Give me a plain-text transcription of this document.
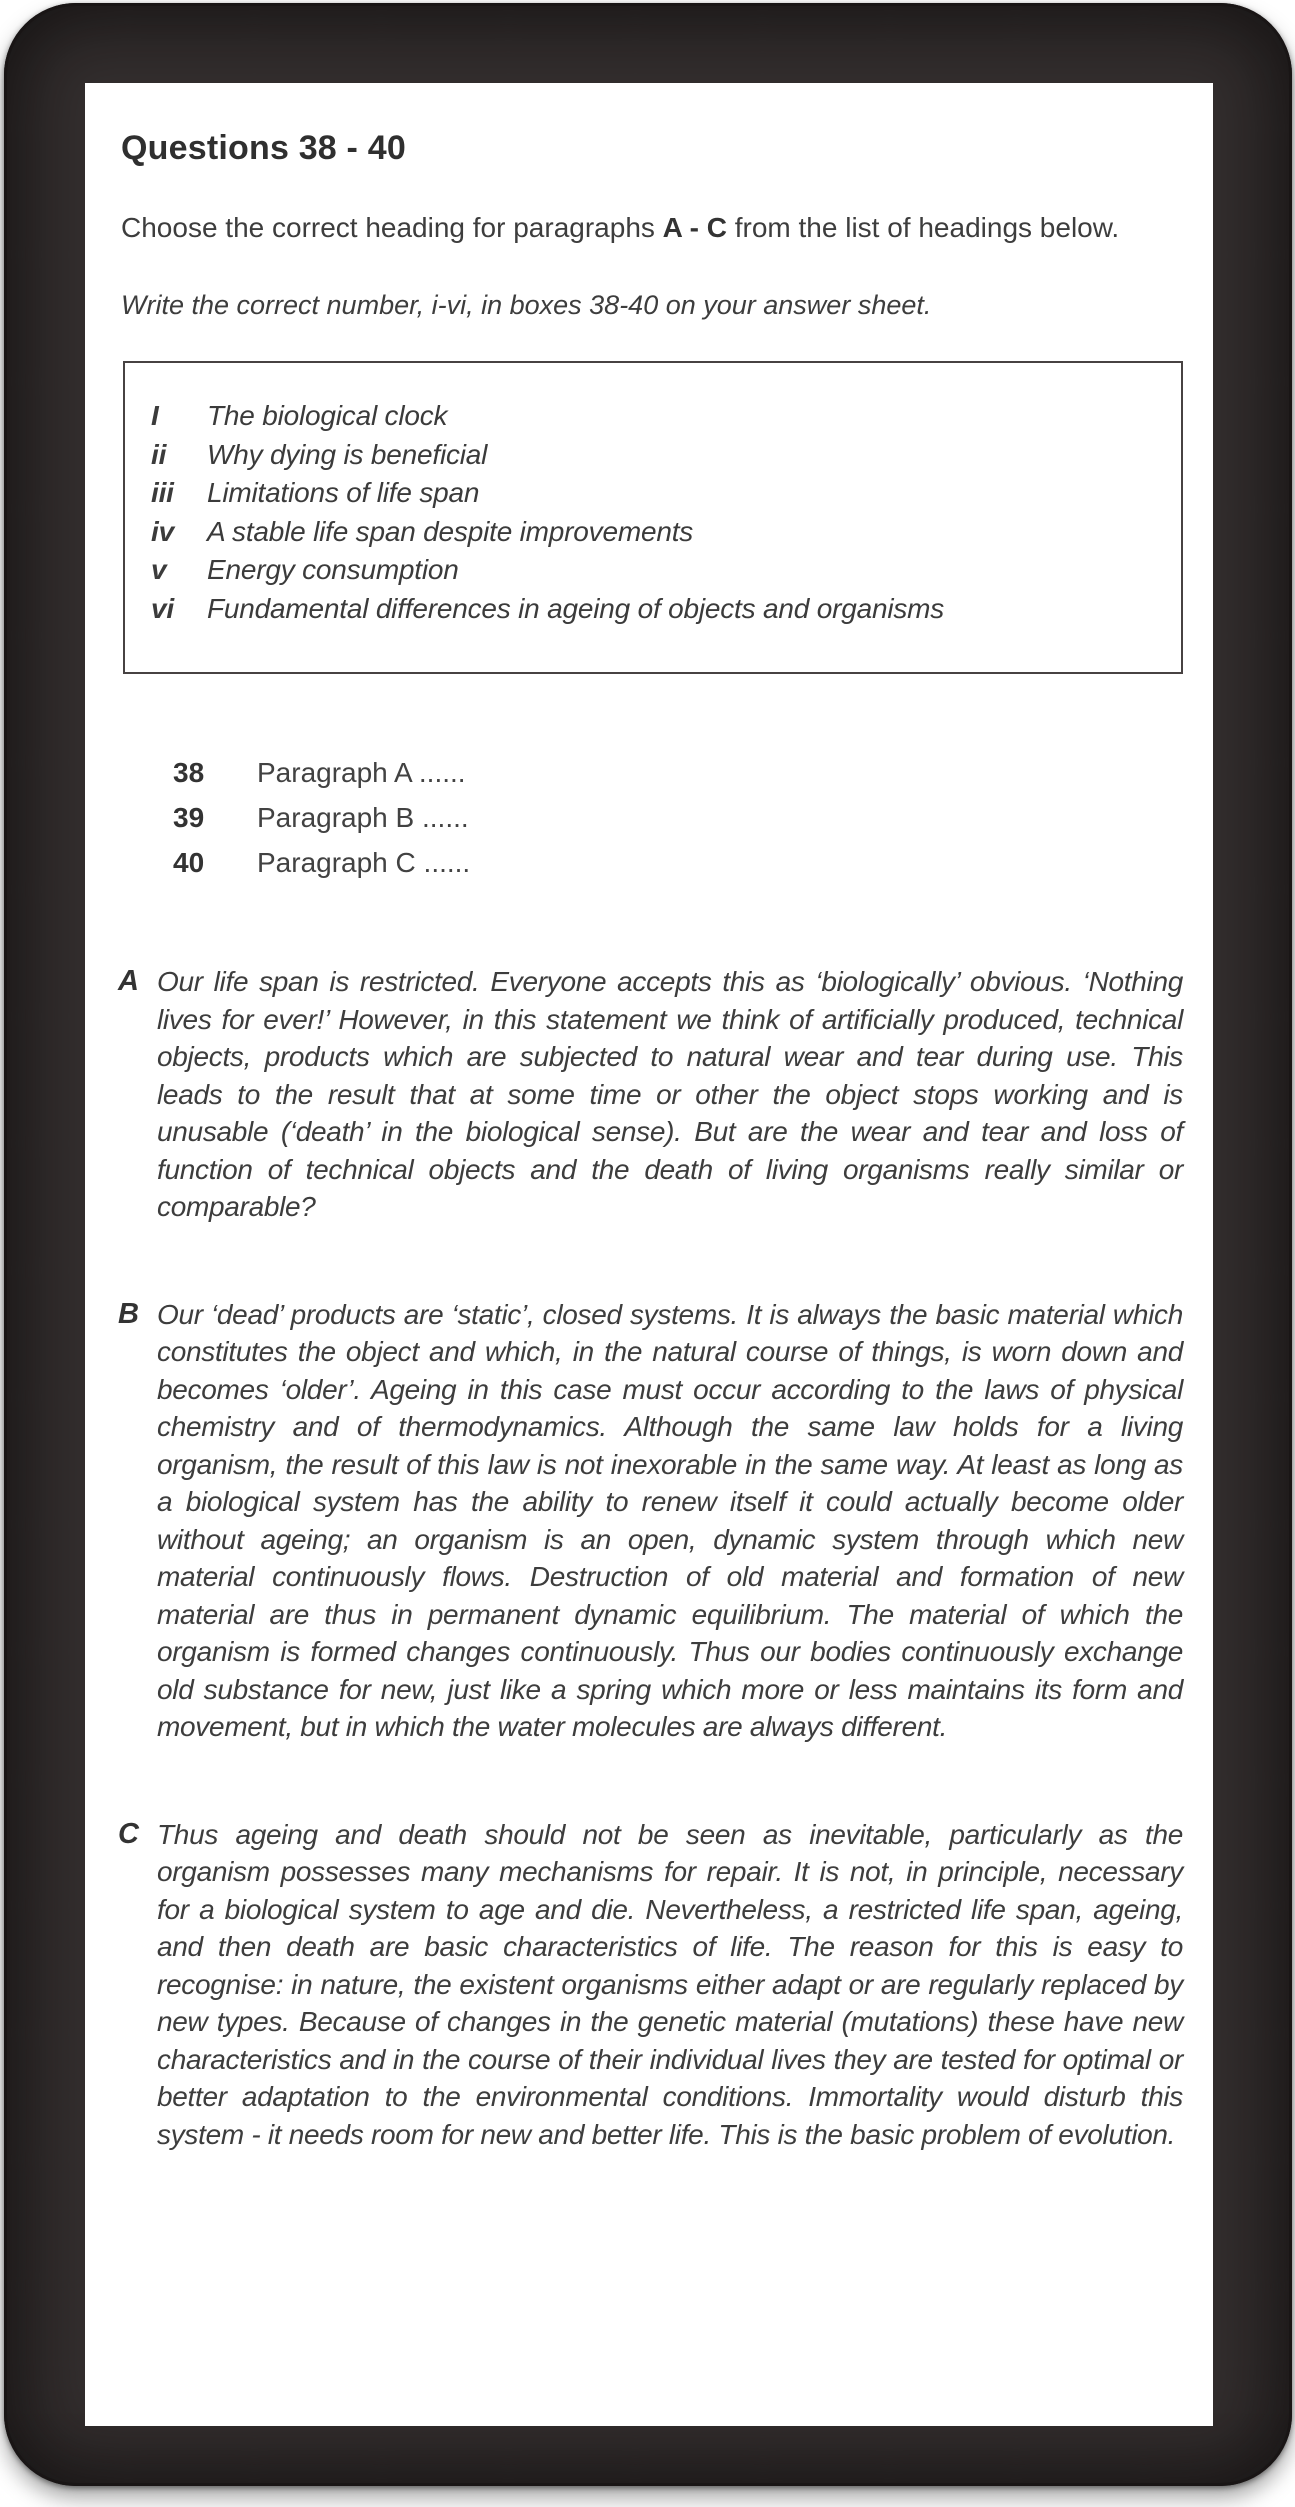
Questions 38 - 40

Choose the correct heading for paragraphs A - C from the list of headings below.

Write the correct number, i-vi, in boxes 38-40 on your answer sheet.

I	The biological clock
ii	Why dying is beneficial
iii	Limitations of life span
iv	A stable life span despite improvements
v	Energy consumption
vi	Fundamental differences in ageing of objects and organisms
38	Paragraph A ......
39	Paragraph B ......
40	Paragraph C ......
A Our life span is restricted. Everyone accepts this as ‘biologically’ obvious. ‘Nothing lives for ever!’ However, in this statement we think of artificially produced, technical objects, products which are subjected to natural wear and tear during use. This leads to the result that at some time or other the object stops working and is unusable (‘death’ in the biological sense). But are the wear and tear and loss of function of technical objects and the death of living organisms really similar or comparable?

B Our ‘dead’ products are ‘static’, closed systems. It is always the basic material which constitutes the object and which, in the natural course of things, is worn down and becomes ‘older’. Ageing in this case must occur according to the laws of physical chemistry and of thermodynamics. Although the same law holds for a living organism, the result of this law is not inexorable in the same way. At least as long as a biological system has the ability to renew itself it could actually become older without ageing; an organism is an open, dynamic system through which new material continuously flows. Destruction of old material and formation of new material are thus in permanent dynamic equilibrium. The material of which the organism is formed changes continuously. Thus our bodies continuously exchange old substance for new, just like a spring which more or less maintains its form and movement, but in which the water molecules are always different.

C Thus ageing and death should not be seen as inevitable, particularly as the organism possesses many mechanisms for repair. It is not, in principle, necessary for a biological system to age and die. Nevertheless, a restricted life span, ageing, and then death are basic characteristics of life. The reason for this is easy to recognise: in nature, the existent organisms either adapt or are regularly replaced by new types. Because of changes in the genetic material (mutations) these have new characteristics and in the course of their individual lives they are tested for optimal or better adaptation to the environmental conditions. Immortality would disturb this system - it needs room for new and better life. This is the basic problem of evolution.
